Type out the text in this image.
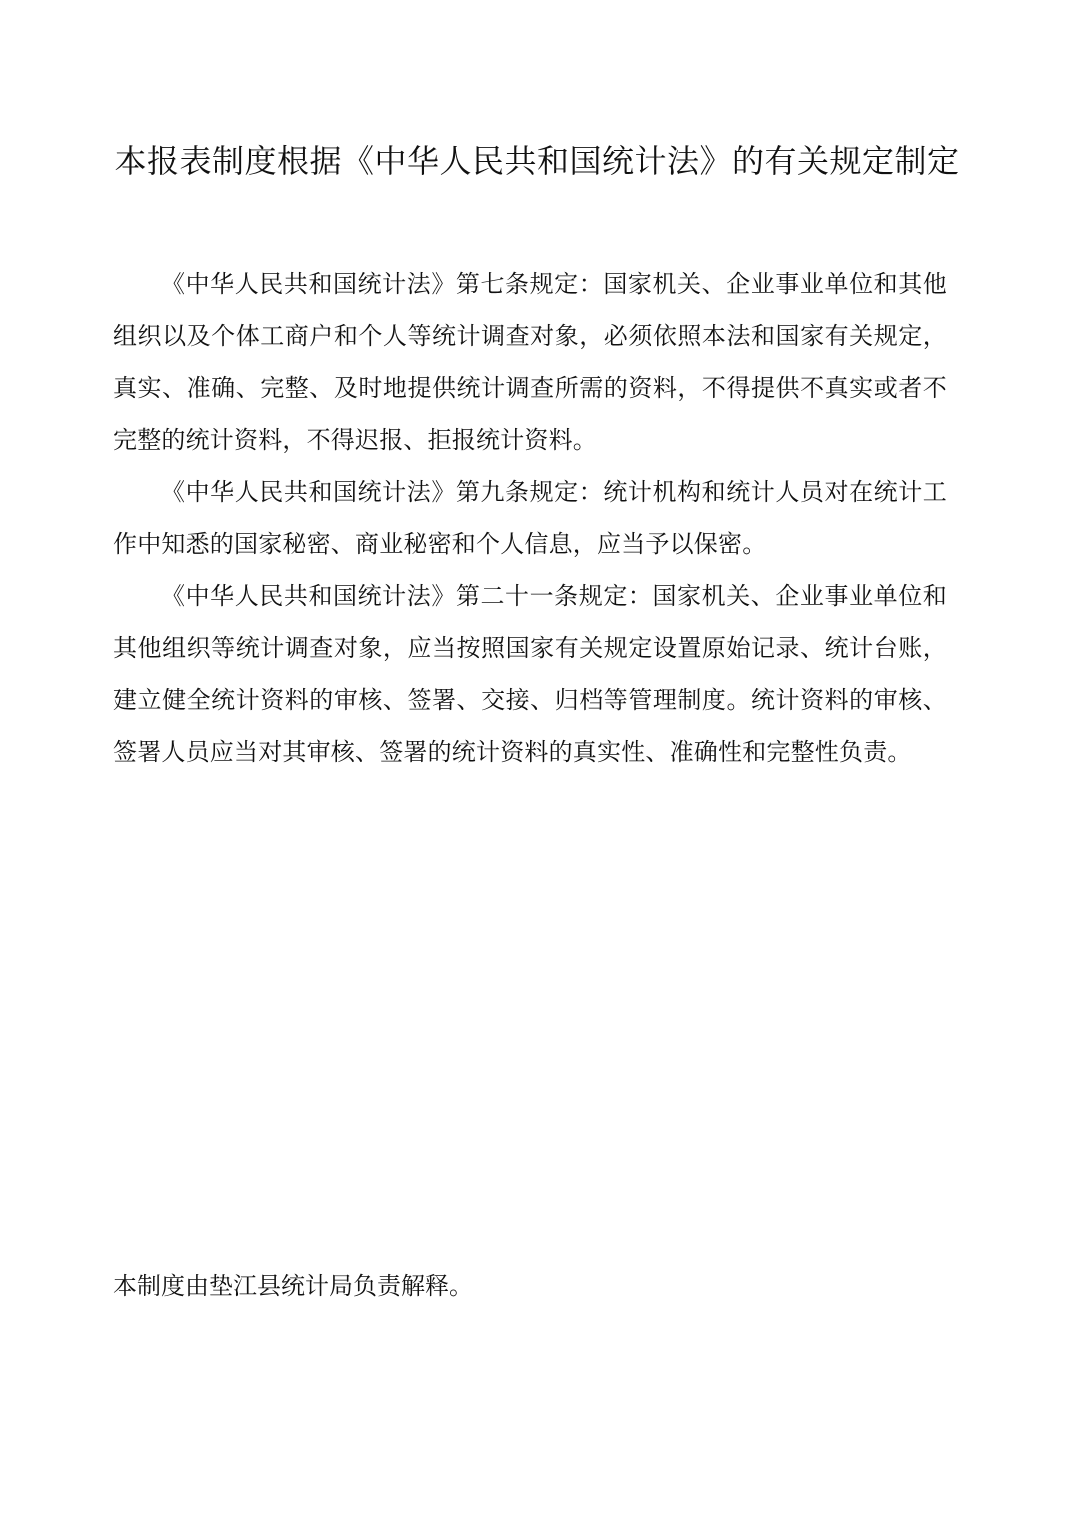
本报表制度根据《中华人民共和国统计法》的有关规定制定

《中华人民共和国统计法》第七条规定：国家机关、企业事业单位和其他组织以及个体工商户和个人等统计调查对象，必须依照本法和国家有关规定，真实、准确、完整、及时地提供统计调查所需的资料，不得提供不真实或者不完整的统计资料，不得迟报、拒报统计资料。

《中华人民共和国统计法》第九条规定：统计机构和统计人员对在统计工作中知悉的国家秘密、商业秘密和个人信息，应当予以保密。

《中华人民共和国统计法》第二十一条规定：国家机关、企业事业单位和其他组织等统计调查对象，应当按照国家有关规定设置原始记录、统计台账，建立健全统计资料的审核、签署、交接、归档等管理制度。统计资料的审核、签署人员应当对其审核、签署的统计资料的真实性、准确性和完整性负责。

本制度由垫江县统计局负责解释。
